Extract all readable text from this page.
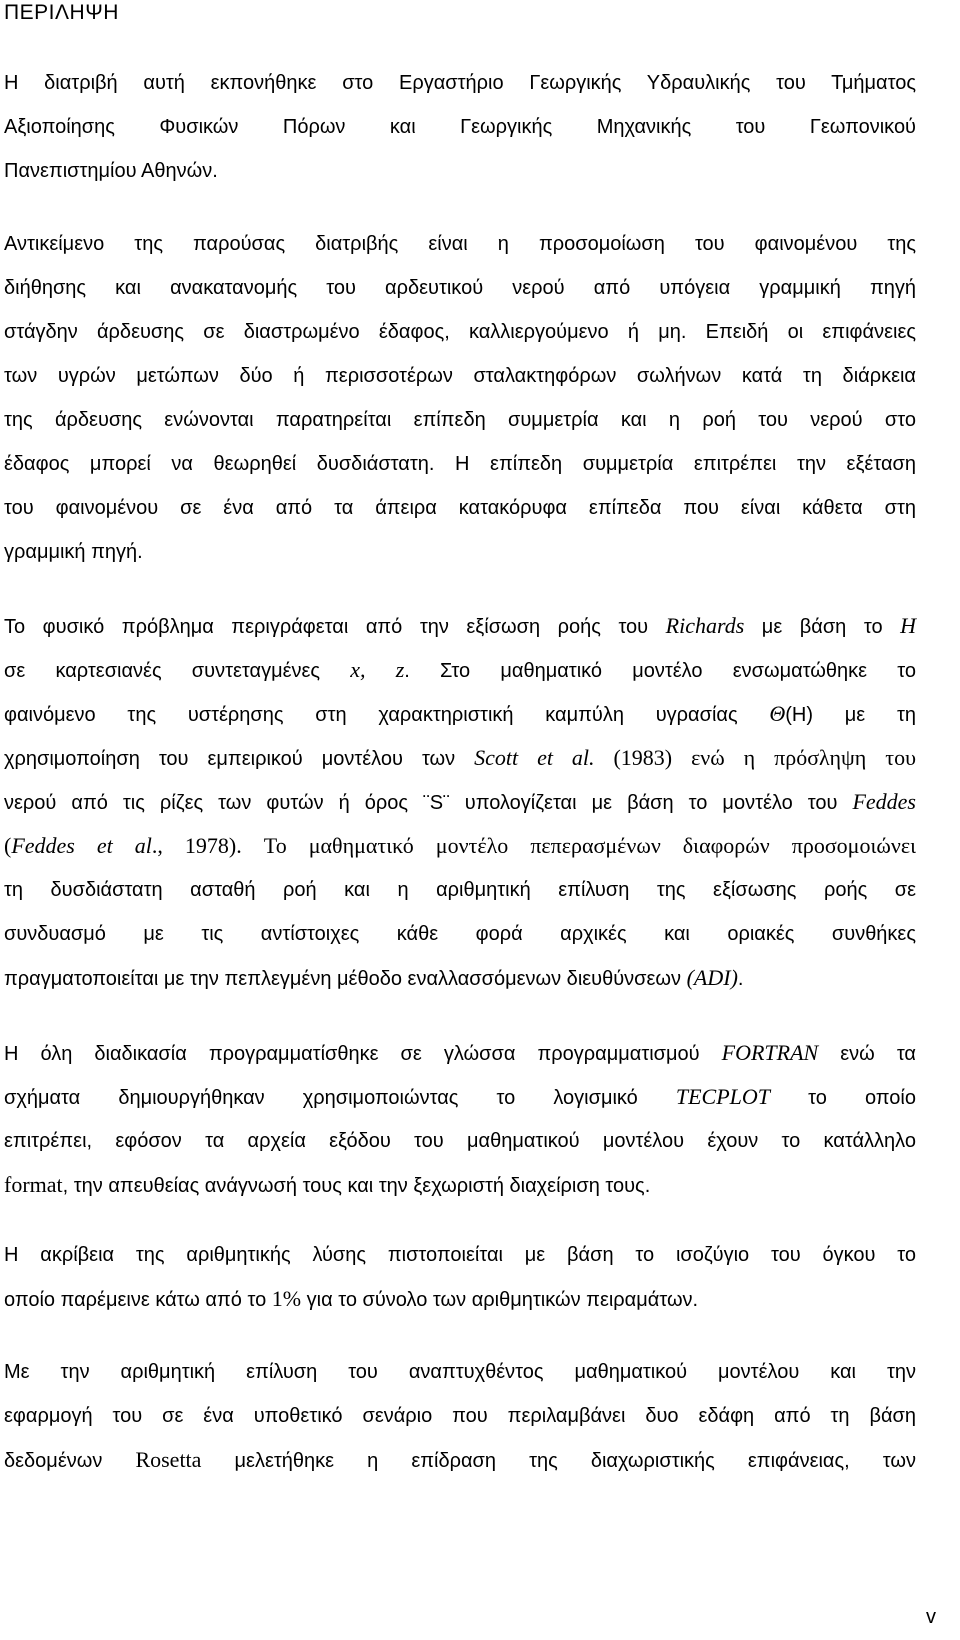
ΠΕΡΙΛΗΨΗ
Η διατριβή αυτή εκπονήθηκε στο Εργαστήριο Γεωργικής Υδραυλικής του Τμήματος
Αξιοποίησης Φυσικών Πόρων και Γεωργικής Μηχανικής του Γεωπονικού
Πανεπιστημίου Αθηνών.
Αντικείμενο της παρούσας διατριβής είναι η προσομοίωση του φαινομένου της
διήθησης και ανακατανομής του αρδευτικού νερού από υπόγεια γραμμική πηγή
στάγδην άρδευσης σε διαστρωμένο έδαφος, καλλιεργούμενο ή μη. Επειδή οι επιφάνειες
των υγρών μετώπων δύο ή περισσοτέρων σταλακτηφόρων σωλήνων κατά τη διάρκεια
της άρδευσης ενώνονται παρατηρείται επίπεδη συμμετρία και η ροή του νερού στο
έδαφος μπορεί να θεωρηθεί δυσδιάστατη. Η επίπεδη συμμετρία επιτρέπει την εξέταση
του φαινομένου σε ένα από τα άπειρα κατακόρυφα επίπεδα που είναι κάθετα στη
γραμμική πηγή.
Το φυσικό πρόβλημα περιγράφεται από την εξίσωση ροής του Richards με βάση το H
σε καρτεσιανές συντεταγμένες x, z. Στο μαθηματικό μοντέλο ενσωματώθηκε το
φαινόμενο της υστέρησης στη χαρακτηριστική καμπύλη υγρασίας Θ(Η) με τη
χρησιμοποίηση του εμπειρικού μοντέλου των Scott et al. (1983) ενώ η πρόσληψη του
νερού από τις ρίζες των φυτών ή όρος ¨S¨ υπολογίζεται με βάση το μοντέλο του Feddes
(Feddes et al., 1978). Το μαθηματικό μοντέλο πεπερασμένων διαφορών προσομοιώνει
τη δυσδιάστατη ασταθή ροή και η αριθμητική επίλυση της εξίσωσης ροής σε
συνδυασμό με τις αντίστοιχες κάθε φορά αρχικές και οριακές συνθήκες
πραγματοποιείται με την πεπλεγμένη μέθοδο εναλλασσόμενων διευθύνσεων (ADI).
Η όλη διαδικασία προγραμματίσθηκε σε γλώσσα προγραμματισμού FORTRAN ενώ τα
σχήματα δημιουργήθηκαν χρησιμοποιώντας το λογισμικό TECPLOT το οποίο
επιτρέπει, εφόσον τα αρχεία εξόδου του μαθηματικού μοντέλου έχουν το κατάλληλο
format, την απευθείας ανάγνωσή τους και την ξεχωριστή διαχείριση τους.
Η ακρίβεια της αριθμητικής λύσης πιστοποιείται με βάση το ισοζύγιο του όγκου το
οποίο παρέμεινε κάτω από το 1% για το σύνολο των αριθμητικών πειραμάτων.
Με την αριθμητική επίλυση του αναπτυχθέντος μαθηματικού μοντέλου και την
εφαρμογή του σε ένα υποθετικό σενάριο που περιλαμβάνει δυο εδάφη από τη βάση
δεδομένων Rosetta μελετήθηκε η επίδραση της διαχωριστικής επιφάνειας, των
v
